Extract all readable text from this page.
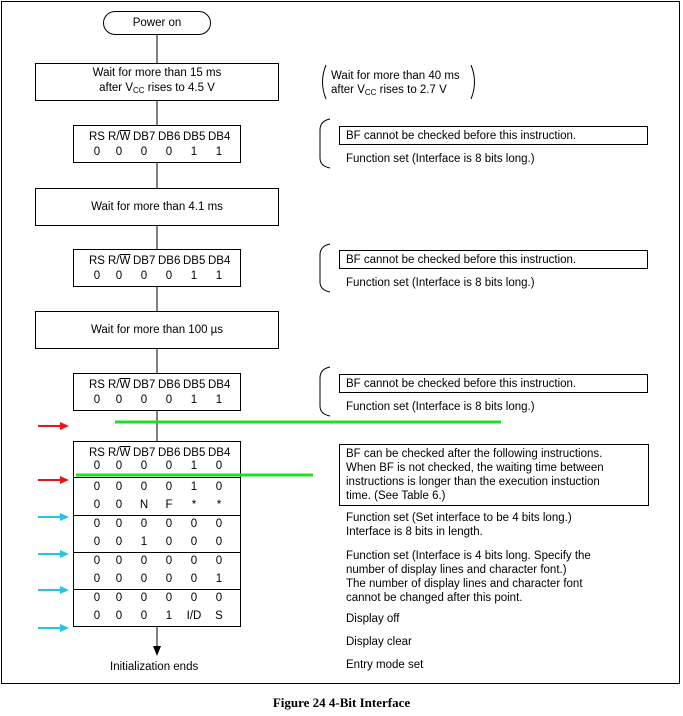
Power on
Wait for more than 15 ms
after $V_{CC}$ rises to 4.5 V
Wait for more than 40 ms
after $V_{CC}$ rises to 2.7 V
RS $R/\overline{W}$ DB7 DB6 DB5 DB4
0	0	0	0	1	1
Wait for more than 4.1 ms
RS $R/\overline{W}$ DB7 DB6 DB5 DB4
0	0	0	0	1	1
Wait for more than 100 µs
RS $R/\overline{W}$ DB7 DB6 DB5 DB4
0	0	0	0	1	1
BF cannot be checked before this instruction.
Function set (Interface is 8 bits long.)
BF cannot be checked before this instruction.
Function set (Interface is 8 bits long.)
BF cannot be checked before this instruction.
Function set (Interface is 8 bits long.)
RS $R/\overline{W}$ DB7 DB6 DB5 DB4
0	0	0	0	1	0
0	0	0	0	1	0
0	0	N	F	*	*
0	0	0	0	0	0
0	0	1	0	0	0
0	0	0	0	0	0
0	0	0	0	0	1
0	0	0	0	0	0
0	0	0	1	I/D	S
BF can be checked after the following instructions.
When BF is not checked, the waiting time between
instructions is longer than the execution instuction
time. (See Table 6.)
Function set (Set interface to be 4 bits long.)
Interface is 8 bits in length.
Function set (Interface is 4 bits long. Specify the
number of display lines and character font.)
The number of display lines and character font
cannot be changed after this point.
Display off
Display clear
Entry mode set
Initialization ends
Figure 24 4-Bit Interface
